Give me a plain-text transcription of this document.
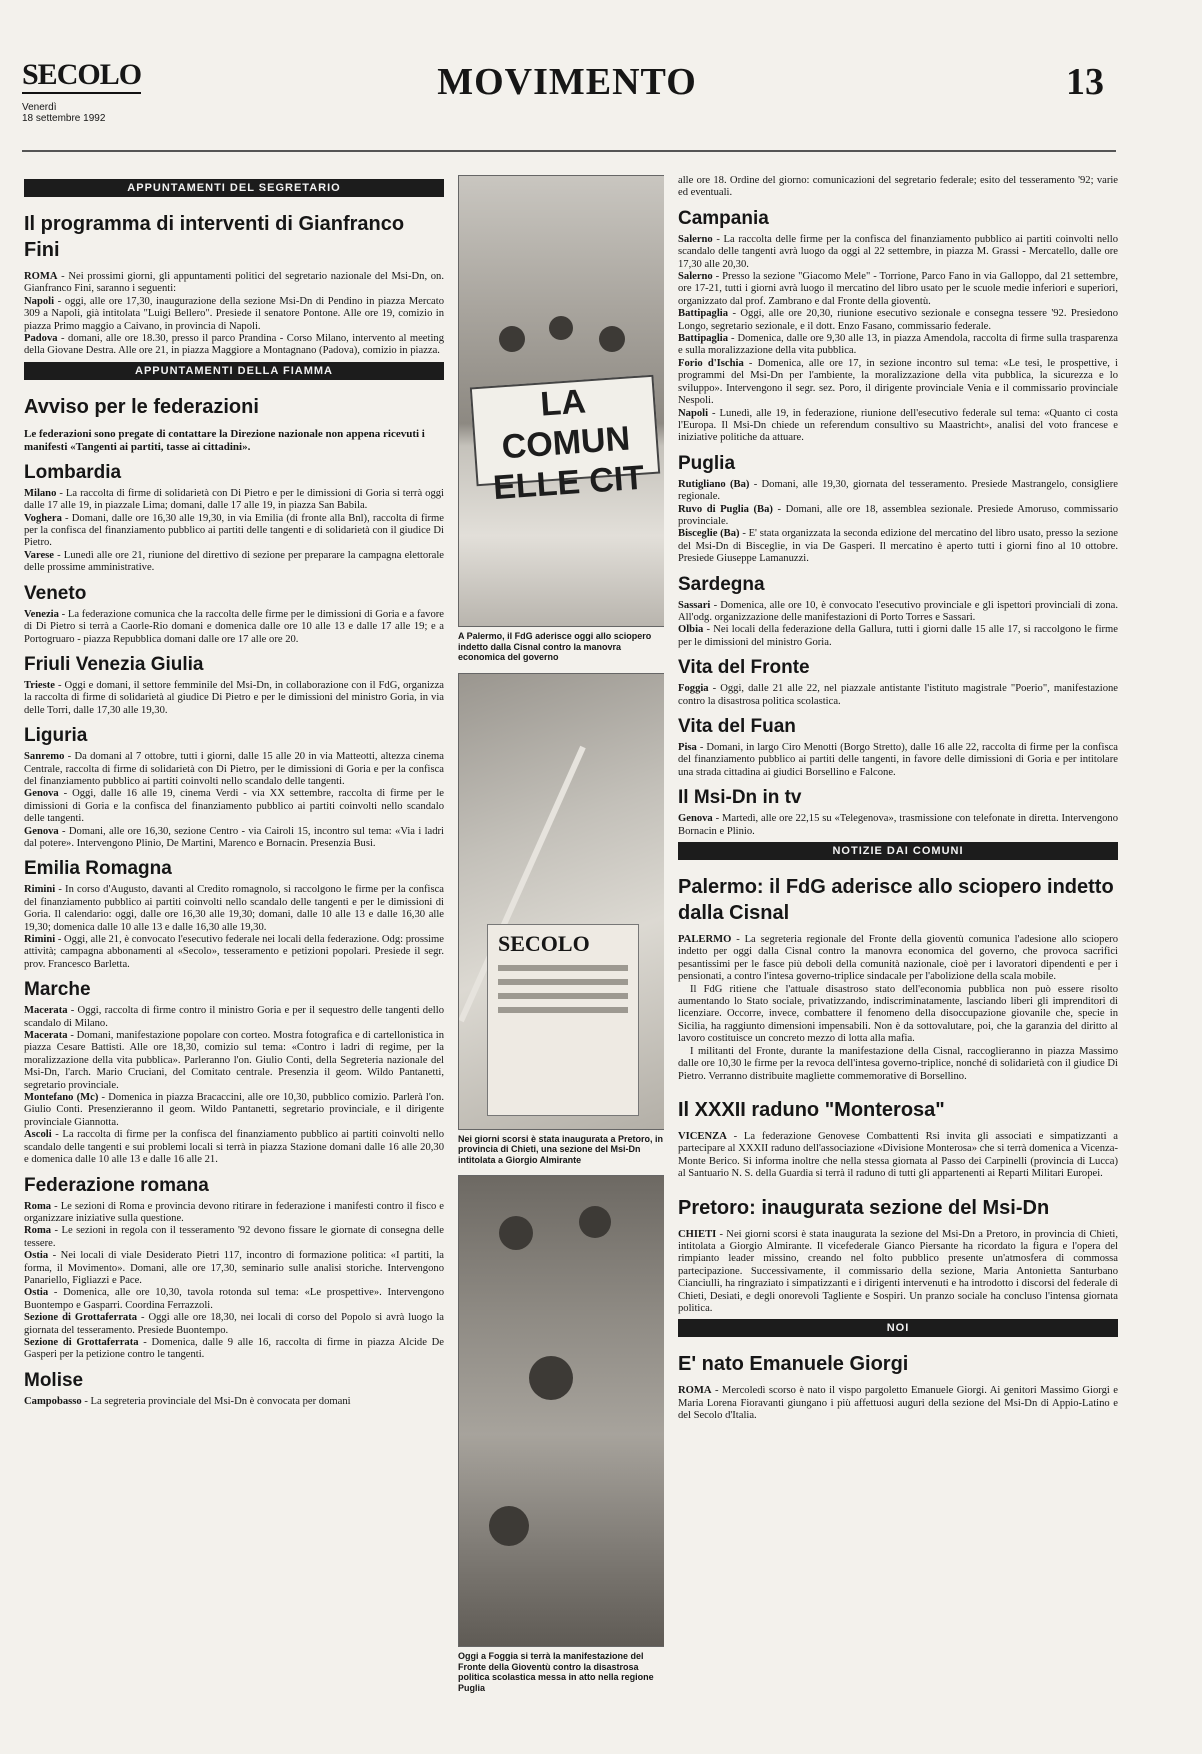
SECOLO
Venerdì
18 settembre 1992
MOVIMENTO	13
APPUNTAMENTI DEL SEGRETARIO
Il programma di interventi di Gianfranco Fini

ROMA - Nei prossimi giorni, gli appuntamenti politici del segretario nazionale del Msi-Dn, on. Gianfranco Fini, saranno i seguenti:

Napoli - oggi, alle ore 17,30, inaugurazione della sezione Msi-Dn di Pendino in piazza Mercato 309 a Napoli, già intitolata "Luigi Bellero". Presiede il senatore Pontone. Alle ore 19, comizio in piazza Primo maggio a Caivano, in provincia di Napoli.

Padova - domani, alle ore 18.30, presso il parco Prandina - Corso Milano, intervento al meeting della Giovane Destra. Alle ore 21, in piazza Maggiore a Montagnano (Padova), comizio in piazza.

APPUNTAMENTI DELLA FIAMMA
Avviso per le federazioni
Le federazioni sono pregate di contattare la Direzione nazionale non appena ricevuti i manifesti «Tangenti ai partiti, tasse ai cittadini».
Lombardia

Milano - La raccolta di firme di solidarietà con Di Pietro e per le dimissioni di Goria si terrà oggi dalle 17 alle 19, in piazzale Lima; domani, dalle 17 alle 19, in piazza San Babila.

Voghera - Domani, dalle ore 16,30 alle 19,30, in via Emilia (di fronte alla Bnl), raccolta di firme per la confisca del finanziamento pubblico ai partiti delle tangenti e di solidarietà con il giudice Di Pietro.

Varese - Lunedì alle ore 21, riunione del direttivo di sezione per preparare la campagna elettorale delle prossime amministrative.

Veneto

Venezia - La federazione comunica che la raccolta delle firme per le dimissioni di Goria e a favore di Di Pietro si terrà a Caorle-Rio domani e domenica dalle ore 10 alle 13 e dalle 17 alle 19; e a Portogruaro - piazza Repubblica domani dalle ore 17 alle ore 20.

Friuli Venezia Giulia

Trieste - Oggi e domani, il settore femminile del Msi-Dn, in collaborazione con il FdG, organizza la raccolta di firme di solidarietà al giudice Di Pietro e per le dimissioni del ministro Goria, in via delle Torri, dalle 17,30 alle 19,30.

Liguria

Sanremo - Da domani al 7 ottobre, tutti i giorni, dalle 15 alle 20 in via Matteotti, altezza cinema Centrale, raccolta di firme di solidarietà con Di Pietro, per le dimissioni di Goria e per la confisca del finanziamento pubblico ai partiti coinvolti nello scandalo delle tangenti.

Genova - Oggi, dalle 16 alle 19, cinema Verdi - via XX settembre, raccolta di firme per le dimissioni di Goria e la confisca del finanziamento pubblico ai partiti coinvolti nello scandalo delle tangenti.

Genova - Domani, alle ore 16,30, sezione Centro - via Cairoli 15, incontro sul tema: «Via i ladri dal potere». Intervengono Plinio, De Martini, Marenco e Bornacin. Presenzia Busi.

Emilia Romagna

Rimini - In corso d'Augusto, davanti al Credito romagnolo, si raccolgono le firme per la confisca del finanziamento pubblico ai partiti coinvolti nello scandalo delle tangenti e per le dimissioni di Goria. Il calendario: oggi, dalle ore 16,30 alle 19,30; domani, dalle 10 alle 13 e dalle 16,30 alle 19,30; domenica dalle 10 alle 13 e dalle 16,30 alle 19,30.

Rimini - Oggi, alle 21, è convocato l'esecutivo federale nei locali della federazione. Odg: prossime attività; campagna abbonamenti al «Secolo», tesseramento e petizioni popolari. Presiede il segr. prov. Francesco Barletta.

Marche

Macerata - Oggi, raccolta di firme contro il ministro Goria e per il sequestro delle tangenti dello scandalo di Milano.

Macerata - Domani, manifestazione popolare con corteo. Mostra fotografica e di cartellonistica in piazza Cesare Battisti. Alle ore 18,30, comizio sul tema: «Contro i ladri di regime, per la moralizzazione della vita pubblica». Parleranno l'on. Giulio Conti, della Segreteria nazionale del Msi-Dn, l'arch. Mario Cruciani, del Comitato centrale. Presenzia il geom. Wildo Pantanetti, segretario provinciale.

Montefano (Mc) - Domenica in piazza Bracaccini, alle ore 10,30, pubblico comizio. Parlerà l'on. Giulio Conti. Presenzieranno il geom. Wildo Pantanetti, segretario provinciale, e il dirigente provinciale Giannotta.

Ascoli - La raccolta di firme per la confisca del finanziamento pubblico ai partiti coinvolti nello scandalo delle tangenti e sui problemi locali si terrà in piazza Stazione domani dalle 16 alle 20,30 e domenica dalle 10 alle 13 e dalle 16 alle 21.

Federazione romana

Roma - Le sezioni di Roma e provincia devono ritirare in federazione i manifesti contro il fisco e organizzare iniziative sulla questione.

Roma - Le sezioni in regola con il tesseramento '92 devono fissare le giornate di consegna delle tessere.

Ostia - Nei locali di viale Desiderato Pietri 117, incontro di formazione politica: «I partiti, la forma, il Movimento». Domani, alle ore 17,30, seminario sulle analisi storiche. Intervengono Panariello, Figliazzi e Pace.

Ostia - Domenica, alle ore 10,30, tavola rotonda sul tema: «Le prospettive». Intervengono Buontempo e Gasparri. Coordina Ferrazzoli.

Sezione di Grottaferrata - Oggi alle ore 18,30, nei locali di corso del Popolo si avrà luogo la giornata del tesseramento. Presiede Buontempo.

Sezione di Grottaferrata - Domenica, dalle 9 alle 16, raccolta di firme in piazza Alcide De Gasperi per la petizione contro le tangenti.

Molise

Campobasso - La segreteria provinciale del Msi-Dn è convocata per domani

LA COMUN
ELLE CIT
A Palermo, il FdG aderisce oggi allo sciopero indetto dalla Cisnal contro la manovra economica del governo
SECOLO
Nei giorni scorsi è stata inaugurata a Pretoro, in provincia di Chieti, una sezione del Msi-Dn intitolata a Giorgio Almirante
Oggi a Foggia si terrà la manifestazione del Fronte della Gioventù contro la disastrosa politica scolastica messa in atto nella regione Puglia

alle ore 18. Ordine del giorno: comunicazioni del segretario federale; esito del tesseramento '92; varie ed eventuali.

Campania

Salerno - La raccolta delle firme per la confisca del finanziamento pubblico ai partiti coinvolti nello scandalo delle tangenti avrà luogo da oggi al 22 settembre, in piazza M. Grassi - Mercatello, dalle ore 17,30 alle 20,30.

Salerno - Presso la sezione "Giacomo Mele" - Torrione, Parco Fano in via Galloppo, dal 21 settembre, ore 17-21, tutti i giorni avrà luogo il mercatino del libro usato per le scuole medie inferiori e superiori, organizzato dal prof. Zambrano e dal Fronte della gioventù.

Battipaglia - Oggi, alle ore 20,30, riunione esecutivo sezionale e consegna tessere '92. Presiedono Longo, segretario sezionale, e il dott. Enzo Fasano, commissario federale.

Battipaglia - Domenica, dalle ore 9,30 alle 13, in piazza Amendola, raccolta di firme sulla trasparenza e sulla moralizzazione della vita pubblica.

Forio d'Ischia - Domenica, alle ore 17, in sezione incontro sul tema: «Le tesi, le prospettive, i programmi del Msi-Dn per l'ambiente, la moralizzazione della vita pubblica, la sicurezza e lo sviluppo». Intervengono il segr. sez. Poro, il dirigente provinciale Venia e il commissario provinciale Nespoli.

Napoli - Lunedì, alle 19, in federazione, riunione dell'esecutivo federale sul tema: «Quanto ci costa l'Europa. Il Msi-Dn chiede un referendum consultivo su Maastricht», analisi del voto francese e iniziative politiche da attuare.

Puglia

Rutigliano (Ba) - Domani, alle 19,30, giornata del tesseramento. Presiede Mastrangelo, consigliere regionale.

Ruvo di Puglia (Ba) - Domani, alle ore 18, assemblea sezionale. Presiede Amoruso, commissario provinciale.

Bisceglie (Ba) - E' stata organizzata la seconda edizione del mercatino del libro usato, presso la sezione del Msi-Dn di Bisceglie, in via De Gasperi. Il mercatino è aperto tutti i giorni fino al 10 ottobre. Presiede Giuseppe Lamanuzzi.

Sardegna

Sassari - Domenica, alle ore 10, è convocato l'esecutivo provinciale e gli ispettori provinciali di zona. All'odg. organizzazione delle manifestazioni di Porto Torres e Sassari.

Olbia - Nei locali della federazione della Gallura, tutti i giorni dalle 15 alle 17, si raccolgono le firme per le dimissioni del ministro Goria.

Vita del Fronte

Foggia - Oggi, dalle 21 alle 22, nel piazzale antistante l'istituto magistrale "Poerio", manifestazione contro la disastrosa politica scolastica.

Vita del Fuan

Pisa - Domani, in largo Ciro Menotti (Borgo Stretto), dalle 16 alle 22, raccolta di firme per la confisca del finanziamento pubblico ai partiti delle tangenti, in favore delle dimissioni di Goria e per intitolare una strada cittadina ai giudici Borsellino e Falcone.

Il Msi-Dn in tv

Genova - Martedì, alle ore 22,15 su «Telegenova», trasmissione con telefonate in diretta. Intervengono Bornacin e Plinio.

NOTIZIE DAI COMUNI
Palermo: il FdG aderisce allo sciopero indetto dalla Cisnal

PALERMO - La segreteria regionale del Fronte della gioventù comunica l'adesione allo sciopero indetto per oggi dalla Cisnal contro la manovra economica del governo, che provoca sacrifici pesantissimi per le fasce più deboli della comunità nazionale, cioè per i lavoratori dipendenti e per i pensionati, a contro l'intesa governo-triplice sindacale per l'abolizione della scala mobile.

Il FdG ritiene che l'attuale disastroso stato dell'economia pubblica non può essere risolto aumentando lo Stato sociale, privatizzando, indiscriminatamente, lasciando liberi gli imprenditori di licenziare. Occorre, invece, combattere il fenomeno della disoccupazione giovanile che, specie in Sicilia, ha raggiunto dimensioni impensabili. Non è da sottovalutare, poi, che la garanzia del diritto al lavoro costituisce un concreto mezzo di lotta alla mafia.

I militanti del Fronte, durante la manifestazione della Cisnal, raccoglieranno in piazza Massimo dalle ore 10,30 le firme per la revoca dell'intesa governo-triplice, nonché di solidarietà con il giudice Di Pietro. Verranno distribuite magliette commemorative di Borsellino.

Il XXXII raduno "Monterosa"

VICENZA - La federazione Genovese Combattenti Rsi invita gli associati e simpatizzanti a partecipare al XXXII raduno dell'associazione «Divisione Monterosa» che si terrà domenica a Vicenza-Monte Berico. Si informa inoltre che nella stessa giornata al Passo dei Carpinelli (provincia di Lucca) al Santuario N. S. della Guardia si terrà il raduno di tutti gli appartenenti ai Reparti Militari Europei.

Pretoro: inaugurata sezione del Msi-Dn

CHIETI - Nei giorni scorsi è stata inaugurata la sezione del Msi-Dn a Pretoro, in provincia di Chieti, intitolata a Giorgio Almirante. Il vicefederale Gianco Piersante ha ricordato la figura e l'opera del rimpianto leader missino, creando nel folto pubblico presente un'atmosfera di commossa partecipazione. Successivamente, il commissario della sezione, Maria Antonietta Santurbano Cianciulli, ha ringraziato i simpatizzanti e i dirigenti intervenuti e ha introdotto i discorsi del federale di Chieti, Desiati, e degli onorevoli Tagliente e Sospiri. Un pranzo sociale ha concluso l'intensa giornata politica.

NOI
E' nato Emanuele Giorgi

ROMA - Mercoledì scorso è nato il vispo pargoletto Emanuele Giorgi. Ai genitori Massimo Giorgi e Maria Lorena Fioravanti giungano i più affettuosi auguri della sezione del Msi-Dn di Appio-Latino e del Secolo d'Italia.
